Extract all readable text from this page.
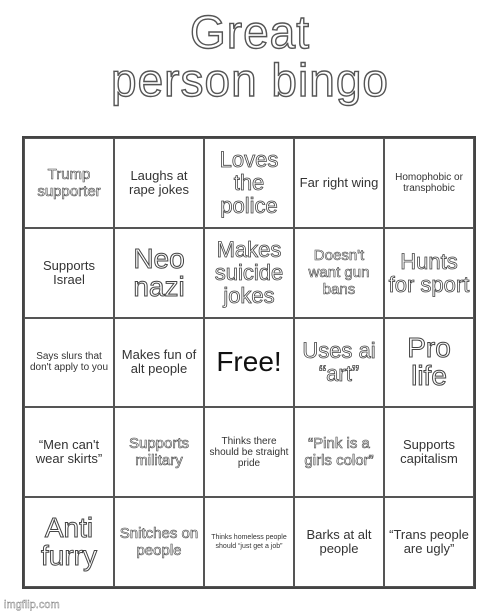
Great
person bingo
Trump supporter
Laughs at rape jokes
Loves the police
Far right wing	Homophobic or transphobic
Supports Israel
Neo nazi
Makes suicide jokes
Doesn't want gun bans
Hunts for sport
Says slurs that don't apply to you
Makes fun of alt people	Free! Uses ai “art”
Pro life
“Men can't wear skirts”
Supports military
Thinks there should be straight pride
“Pink is a girls color”
Supports capitalism
Anti furry
Snitches on people
Thinks homeless people should “just get a job”
Barks at alt people
“Trans people are ugly”
imgflip.com
